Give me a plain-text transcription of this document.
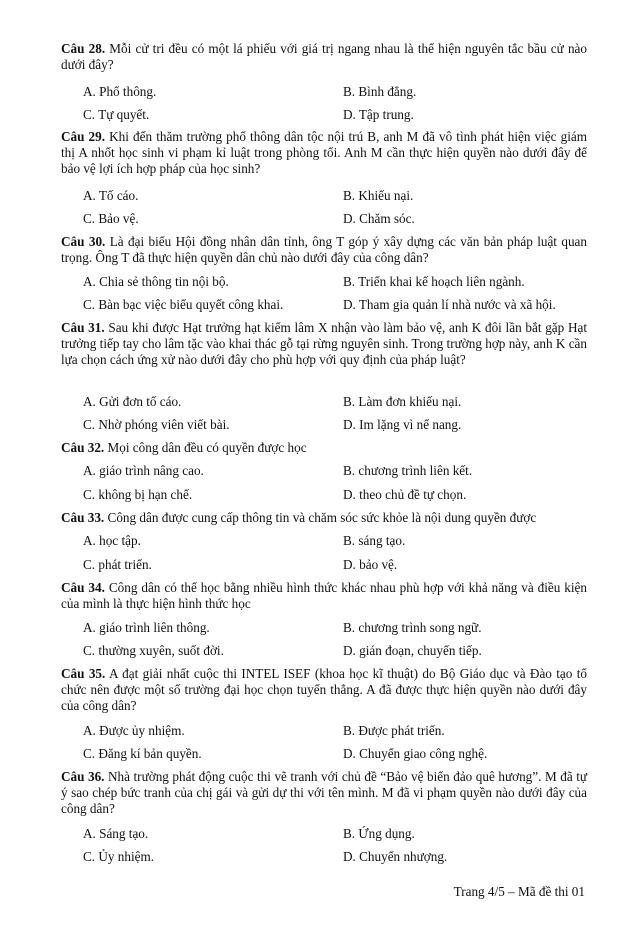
Câu 28. Mỗi cử tri đều có một lá phiếu với giá trị ngang nhau là thể hiện nguyên tắc bầu cử nào dưới đây?
A. Phổ thông.	B. Bình đẳng.
C. Tự quyết.	D. Tập trung.
Câu 29. Khi đến thăm trường phổ thông dân tộc nội trú B, anh M đã vô tình phát hiện việc giám thị A nhốt học sinh vi phạm kỉ luật trong phòng tối. Anh M cần thực hiện quyền nào dưới đây để bảo vệ lợi ích hợp pháp của học sinh?
A. Tố cáo.	B. Khiếu nại.
C. Bảo vệ.	D. Chăm sóc.
Câu 30. Là đại biểu Hội đồng nhân dân tỉnh, ông T góp ý xây dựng các văn bản pháp luật quan trọng. Ông T đã thực hiện quyền dân chủ nào dưới đây của công dân?
A. Chia sẻ thông tin nội bộ.	B. Triển khai kế hoạch liên ngành.
C. Bàn bạc việc biểu quyết công khai.	D. Tham gia quản lí nhà nước và xã hội.
Câu 31. Sau khi được Hạt trưởng hạt kiểm lâm X nhận vào làm bảo vệ, anh K đôi lần bắt gặp Hạt trưởng tiếp tay cho lâm tặc vào khai thác gỗ tại rừng nguyên sinh. Trong trường hợp này, anh K cần lựa chọn cách ứng xử nào dưới đây cho phù hợp với quy định của pháp luật?
A. Gửi đơn tố cáo.	B. Làm đơn khiếu nại.
C. Nhờ phóng viên viết bài.	D. Im lặng vì nể nang.
Câu 32. Mọi công dân đều có quyền được học
A. giáo trình nâng cao.	B. chương trình liên kết.
C. không bị hạn chế.	D. theo chủ đề tự chọn.
Câu 33. Công dân được cung cấp thông tin và chăm sóc sức khỏe là nội dung quyền được
A. học tập.	B. sáng tạo.
C. phát triển.	D. bảo vệ.
Câu 34. Công dân có thể học bằng nhiều hình thức khác nhau phù hợp với khả năng và điều kiện của mình là thực hiện hình thức học
A. giáo trình liên thông.	B. chương trình song ngữ.
C. thường xuyên, suốt đời.	D. gián đoạn, chuyển tiếp.
Câu 35. A đạt giải nhất cuộc thi INTEL ISEF (khoa học kĩ thuật) do Bộ Giáo dục và Đào tạo tổ chức nên được một số trường đại học chọn tuyển thẳng. A đã được thực hiện quyền nào dưới đây của công dân?
A. Được ủy nhiệm.	B. Được phát triển.
C. Đăng kí bản quyền.	D. Chuyển giao công nghệ.
Câu 36. Nhà trường phát động cuộc thi vẽ tranh với chủ đề “Bảo vệ biển đảo quê hương”. M đã tự ý sao chép bức tranh của chị gái và gửi dự thi với tên mình. M đã vi phạm quyền nào dưới đây của công dân?
A. Sáng tạo.	B. Ứng dụng.
C. Ủy nhiệm.	D. Chuyển nhượng.
Trang 4/5 – Mã đề thi 01
